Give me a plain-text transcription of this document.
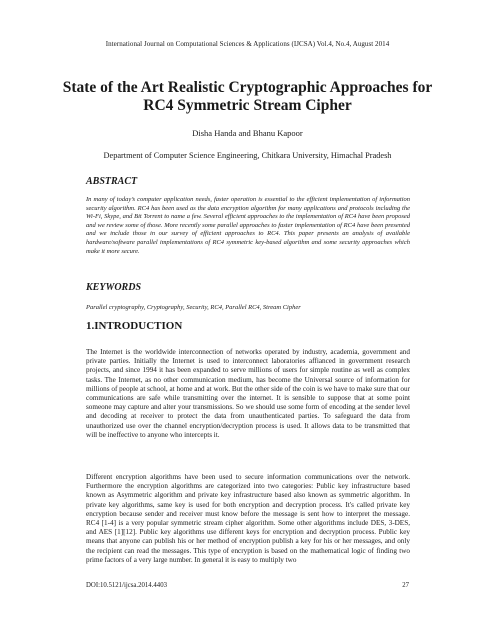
International Journal on Computational Sciences & Applications (IJCSA) Vol.4, No.4, August 2014
State of the Art Realistic Cryptographic Approaches for RC4 Symmetric Stream Cipher
Disha Handa and Bhanu Kapoor
Department of Computer Science Engineering, Chitkara University, Himachal Pradesh
ABSTRACT

In many of today’s computer application needs, faster operation is essential to the efficient implementation of information security algorithm. RC4 has been used as the data encryption algorithm for many applications and protocols including the Wi-Fi, Skype, and Bit Torrent to name a few. Several efficient approaches to the implementation of RC4 have been proposed and we review some of those. More recently some parallel approaches to faster implementation of RC4 have been presented and we include those in our survey of efficient approaches to RC4. This paper presents an analysis of available hardware/software parallel implementations of RC4 symmetric key-based algorithm and some security approaches which make it more secure.

KEYWORDS

Parallel cryptography, Cryptography, Security, RC4, Parallel RC4, Stream Cipher

1.INTRODUCTION

The Internet is the worldwide interconnection of networks operated by industry, academia, government and private parties. Initially the Internet is used to interconnect laboratories affianced in government research projects, and since 1994 it has been expanded to serve millions of users for simple routine as well as complex tasks. The Internet, as no other communication medium, has become the Universal source of information for millions of people at school, at home and at work. But the other side of the coin is we have to make sure that our communications are safe while transmitting over the internet. It is sensible to suppose that at some point someone may capture and alter your transmissions. So we should use some form of encoding at the sender level and decoding at receiver to protect the data from unauthenticated parties. To safeguard the data from unauthorized use over the channel encryption/decryption process is used. It allows data to be transmitted that will be ineffective to anyone who intercepts it.

Different encryption algorithms have been used to secure information communications over the network. Furthermore the encryption algorithms are categorized into two categories: Public key infrastructure based known as Asymmetric algorithm and private key infrastructure based also known as symmetric algorithm. In private key algorithms, same key is used for both encryption and decryption process. It's called private key encryption because sender and receiver must know before the message is sent how to interpret the message. RC4 [1-4] is a very popular symmetric stream cipher algorithm. Some other algorithms include DES, 3-DES, and AES [1][12]. Public key algorithms use different keys for encryption and decryption process. Public key means that anyone can publish his or her method of encryption publish a key for his or her messages, and only the recipient can read the messages. This type of encryption is based on the mathematical logic of finding two prime factors of a very large number. In general it is easy to multiply two

DOI:10.5121/ijcsa.2014.4403	27
